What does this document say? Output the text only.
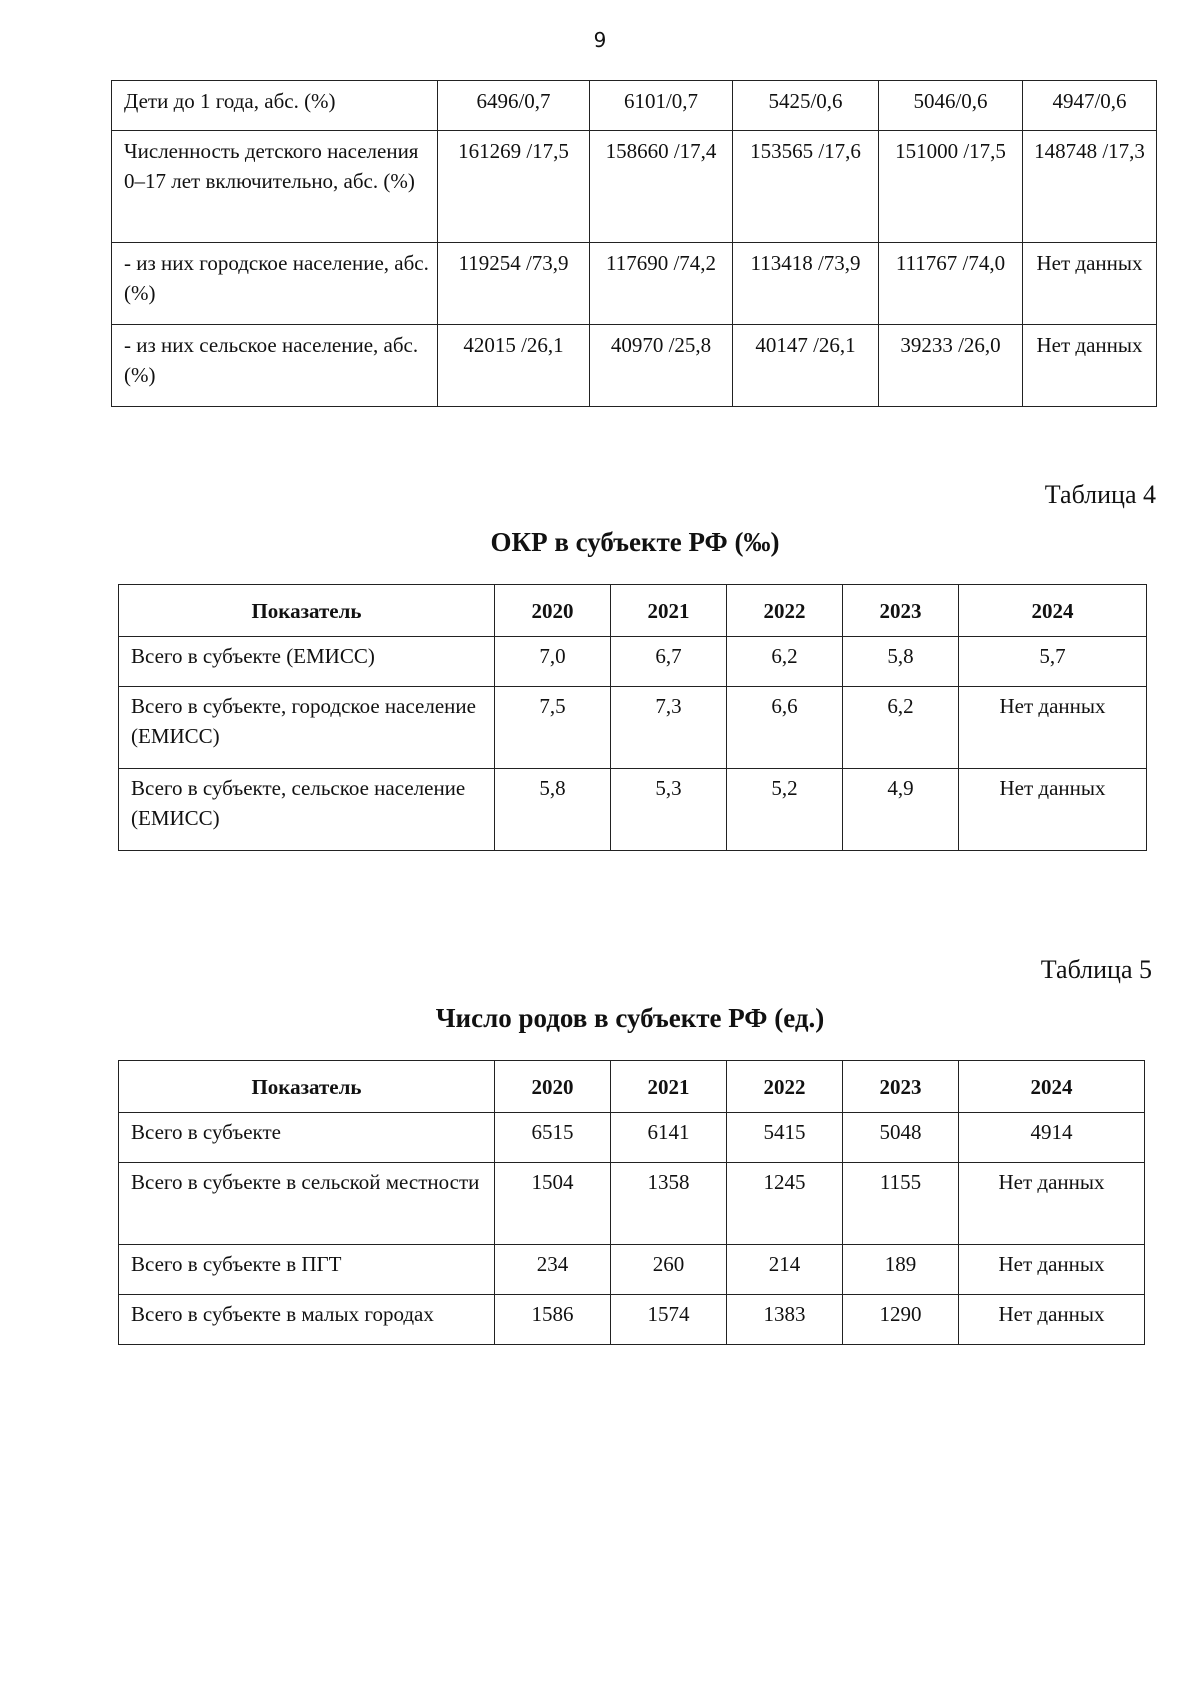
9
Дети до 1 года, абс. (%)	6496/0,7	6101/0,7	5425/0,6	5046/0,6	4947/0,6
Численность детского населения 0–17 лет включительно, абс. (%)	161269 /17,5	158660 /17,4	153565 /17,6	151000 /17,5	148748 /17,3
- из них городское население, абс. (%)	119254 /73,9	117690 /74,2	113418 /73,9	111767 /74,0	Нет данных
- из них сельское население, абс. (%)	42015 /26,1	40970 /25,8	40147 /26,1	39233 /26,0	Нет данных
Таблица 4
ОКР в субъекте РФ (‰)
Показатель	2020	2021	2022	2023	2024
Всего в субъекте (ЕМИСС)	7,0	6,7	6,2	5,8	5,7
Всего в субъекте, городское население (ЕМИСС)	7,5	7,3	6,6	6,2	Нет данных
Всего в субъекте, сельское население (ЕМИСС)	5,8	5,3	5,2	4,9	Нет данных
Таблица 5
Число родов в субъекте РФ (ед.)
Показатель	2020	2021	2022	2023	2024
Всего в субъекте	6515	6141	5415	5048	4914
Всего в субъекте в сельской местности	1504	1358	1245	1155	Нет данных
Всего в субъекте в ПГТ	234	260	214	189	Нет данных
Всего в субъекте в малых городах	1586	1574	1383	1290	Нет данных
